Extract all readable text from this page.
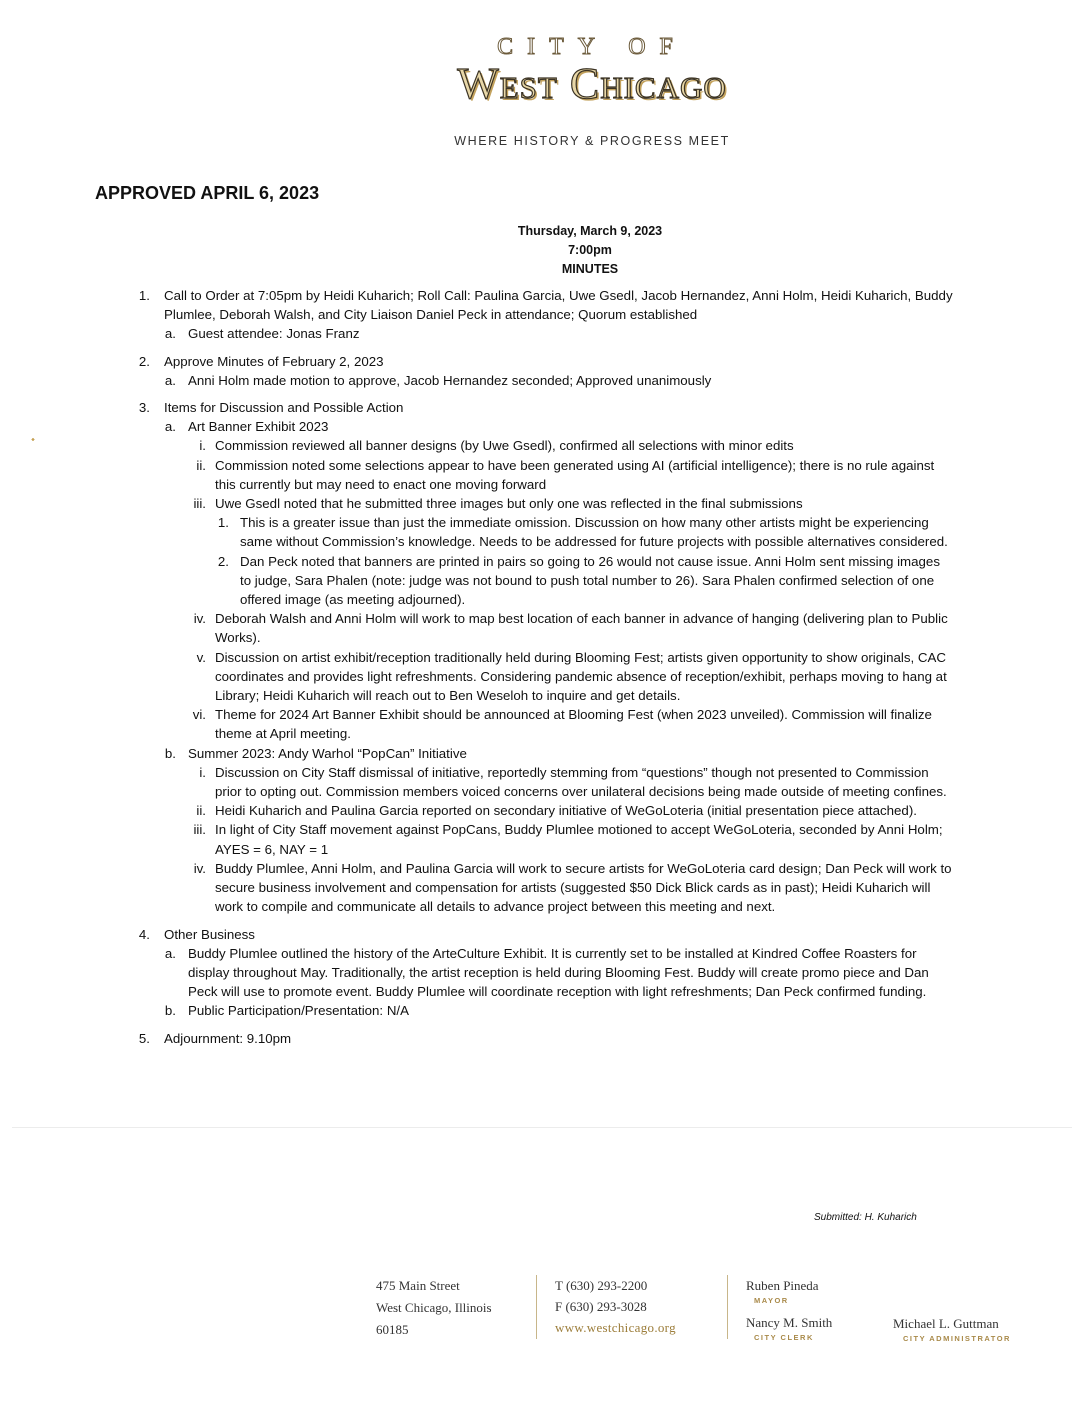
CITY OF
West Chicago
WHERE HISTORY & PROGRESS MEET
APPROVED APRIL 6, 2023
Thursday, March 9, 2023
7:00pm
MINUTES
1. Call to Order at 7:05pm by Heidi Kuharich; Roll Call: Paulina Garcia, Uwe Gsedl, Jacob Hernandez, Anni Holm, Heidi Kuharich, Buddy Plumlee, Deborah Walsh, and City Liaison Daniel Peck in attendance; Quorum established
a. Guest attendee: Jonas Franz
2. Approve Minutes of February 2, 2023
a. Anni Holm made motion to approve, Jacob Hernandez seconded; Approved unanimously
3. Items for Discussion and Possible Action
a. Art Banner Exhibit 2023
i. Commission reviewed all banner designs (by Uwe Gsedl), confirmed all selections with minor edits
ii. Commission noted some selections appear to have been generated using AI (artificial intelligence); there is no rule against this currently but may need to enact one moving forward
iii. Uwe Gsedl noted that he submitted three images but only one was reflected in the final submissions
1. This is a greater issue than just the immediate omission. Discussion on how many other artists might be experiencing same without Commission’s knowledge. Needs to be addressed for future projects with possible alternatives considered.
2. Dan Peck noted that banners are printed in pairs so going to 26 would not cause issue. Anni Holm sent missing images to judge, Sara Phalen (note: judge was not bound to push total number to 26). Sara Phalen confirmed selection of one offered image (as meeting adjourned).
iv. Deborah Walsh and Anni Holm will work to map best location of each banner in advance of hanging (delivering plan to Public Works).
v. Discussion on artist exhibit/reception traditionally held during Blooming Fest; artists given opportunity to show originals, CAC coordinates and provides light refreshments. Considering pandemic absence of reception/exhibit, perhaps moving to hang at Library; Heidi Kuharich will reach out to Ben Weseloh to inquire and get details.
vi. Theme for 2024 Art Banner Exhibit should be announced at Blooming Fest (when 2023 unveiled). Commission will finalize theme at April meeting.
b. Summer 2023: Andy Warhol “PopCan” Initiative
i. Discussion on City Staff dismissal of initiative, reportedly stemming from “questions” though not presented to Commission prior to opting out. Commission members voiced concerns over unilateral decisions being made outside of meeting confines.
ii. Heidi Kuharich and Paulina Garcia reported on secondary initiative of WeGoLoteria (initial presentation piece attached).
iii. In light of City Staff movement against PopCans, Buddy Plumlee motioned to accept WeGoLoteria, seconded by Anni Holm; AYES = 6, NAY = 1
iv. Buddy Plumlee, Anni Holm, and Paulina Garcia will work to secure artists for WeGoLoteria card design; Dan Peck will work to secure business involvement and compensation for artists (suggested $50 Dick Blick cards as in past); Heidi Kuharich will work to compile and communicate all details to advance project between this meeting and next.
4. Other Business
a. Buddy Plumlee outlined the history of the ArteCulture Exhibit. It is currently set to be installed at Kindred Coffee Roasters for display throughout May. Traditionally, the artist reception is held during Blooming Fest. Buddy will create promo piece and Dan Peck will use to promote event. Buddy Plumlee will coordinate reception with light refreshments; Dan Peck confirmed funding.
b. Public Participation/Presentation: N/A
5. Adjournment: 9.10pm
Submitted: H. Kuharich
475 Main Street
West Chicago, Illinois
60185
T (630) 293-2200
F (630) 293-3028
www.westchicago.org
Ruben Pineda
MAYOR
Nancy M. Smith
CITY CLERK
Michael L. Guttman
CITY ADMINISTRATOR
